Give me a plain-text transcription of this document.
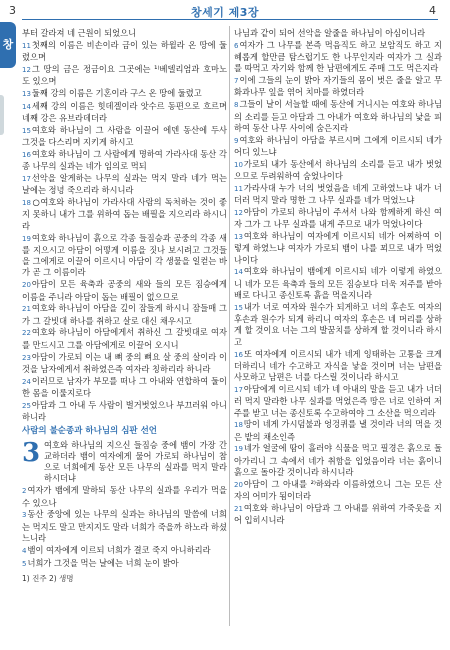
3	창세기 제3장	4
창
부터 갈라져 네 근원이 되었으니
11첫째의 이름은 비손이라 금이 있는 하윌라 온 땅에 둘렸으며
12그 땅의 금은 정금이요 그곳에는 ¹⁾베델리엄과 호마노도 있으며
13둘째 강의 이름은 기혼이라 구스 온 땅에 둘렸고
14세째 강의 이름은 힛데겔이라 앗수르 동편으로 흐르며 네째 강은 유브라데더라
15여호와 하나님이 그 사람을 이끌어 에덴 동산에 두사 그것을 다스리며 지키게 하시고
16여호와 하나님이 그 사람에게 명하여 가라사대 동산 각종 나무의 실과는 네가 임의로 먹되
17선악을 알게하는 나무의 실과는 먹지 말라 네가 먹는 날에는 정녕 죽으리라 하시니라
18○여호와 하나님이 가라사대 사람의 독처하는 것이 좋지 못하니 내가 그를 위하여 돕는 배필을 지으리라 하시니라
19여호와 하나님이 흙으로 각종 들짐승과 공중의 각종 새를 지으시고 아담이 어떻게 이름을 짓나 보시려고 그것들을 그에게로 이끌어 이르시니 아담이 각 생물을 일컫는 바가 곧 그 이름이라
20아담이 모든 육축과 공중의 새와 들의 모든 짐승에게 이름을 주니라 아담이 돕는 배필이 없으므로
21여호와 하나님이 아담을 깊이 잠들게 하시니 잠들매 그가 그 갈빗대 하나를 취하고 살로 대신 채우시고
22여호와 하나님이 아담에게서 취하신 그 갈빗대로 여자를 만드시고 그를 아담에게로 이끌어 오시니
23아담이 가로되 이는 내 뼈 중의 뼈요 살 중의 살이라 이것을 남자에게서 취하였은즉 여자라 칭하리라 하니라
24이러므로 남자가 부모를 떠나 그 아내와 연합하여 둘이 한 몸을 이룰지로다
25아담과 그 아내 두 사람이 벌거벗었으나 부끄러워 아니하니라
사람의 불순종과 하나님의 심판 선언
3 여호와 하나님의 지으신 들짐승 중에 뱀이 가장 간교하더라 뱀이 여자에게 물어 가로되 하나님이 참으로 너희에게 동산 모든 나무의 실과를 먹지 말라 하시더냐
2여자가 뱀에게 말하되 동산 나무의 실과를 우리가 먹을 수 있으나
3동산 중앙에 있는 나무의 실과는 하나님의 말씀에 너희는 먹지도 말고 만지지도 말라 너희가 죽을까 하노라 하셨느니라
4뱀이 여자에게 이르되 너희가 결코 죽지 아니하리라
5너희가 그것을 먹는 날에는 너희 눈이 밝아
1) 진주 2) 생명
나님과 같이 되어 선악을 알줄을 하나님이 아심이니라
6여자가 그 나무를 본즉 먹음직도 하고 보암직도 하고 지혜롭게 할만큼 탐스럽기도 한 나무인지라 여자가 그 실과를 따먹고 자기와 함께 한 남편에게도 주매 그도 먹은지라
7이에 그들의 눈이 밝아 자기들의 몸이 벗은 줄을 알고 무화과나무 잎을 엮어 치마를 하였더라
8그들이 날이 서늘할 때에 동산에 거니시는 여호와 하나님의 소리를 듣고 아담과 그 아내가 여호와 하나님의 낯을 피하여 동산 나무 사이에 숨은지라
9여호와 하나님이 아담을 부르시며 그에게 이르시되 네가 어디 있느냐
10가로되 내가 동산에서 하나님의 소리를 듣고 내가 벗었으므로 두려워하여 숨었나이다
11가라사대 누가 너의 벗었음을 네게 고하였느냐 내가 너더러 먹지 말라 명한 그 나무 실과를 네가 먹었느냐
12아담이 가로되 하나님이 주셔서 나와 함께하게 하신 여자 그가 그 나무 실과를 내게 주므로 내가 먹었나이다
13여호와 하나님이 여자에게 이르시되 네가 어찌하여 이렇게 하였느냐 여자가 가로되 뱀이 나를 꾀므로 내가 먹었나이다
14여호와 하나님이 뱀에게 이르시되 네가 이렇게 하였으니 네가 모든 육축과 들의 모든 짐승보다 더욱 저주를 받아 배로 다니고 종신토록 흙을 먹을지니라
15내가 너로 여자와 원수가 되게하고 너의 후손도 여자의 후손과 원수가 되게 하리니 여자의 후손은 네 머리를 상하게 할 것이요 너는 그의 발꿈치를 상하게 할 것이니라 하시고
16또 여자에게 이르시되 내가 네게 잉태하는 고통을 크게 더하리니 네가 수고하고 자식을 낳을 것이며 너는 남편을 사모하고 남편은 너를 다스릴 것이니라 하시고
17아담에게 이르시되 네가 네 아내의 말을 듣고 내가 너더러 먹지 말라한 나무 실과를 먹었은즉 땅은 너로 인하여 저주를 받고 너는 종신토록 수고하여야 그 소산을 먹으리라
18땅이 네게 가시덤불과 엉겅퀴를 낼 것이라 너의 먹을 것은 밭의 채소인즉
19네가 얼굴에 땀이 흘러야 식물을 먹고 필경은 흙으로 돌아가리니 그 속에서 네가 취함을 입었음이라 너는 흙이니 흙으로 돌아갈 것이니라 하시니라
20아담이 그 아내를 ²⁾하와라 이름하였으니 그는 모든 산 자의 어미가 됨이더라
21여호와 하나님이 아담과 그 아내를 위하여 가죽옷을 지어 입히시니라
